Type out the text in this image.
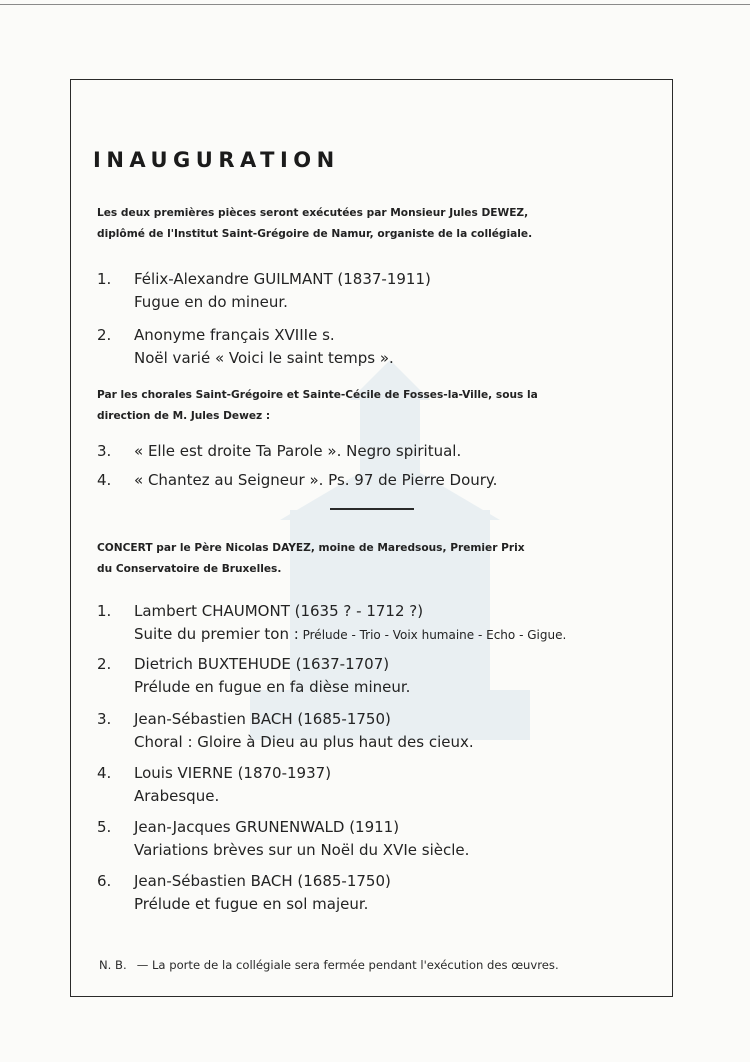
INAUGURATION

Les deux premières pièces seront exécutées par Monsieur Jules DEWEZ,
diplômé de l'Institut Saint-Grégoire de Namur, organiste de la collégiale.

1.	Félix-Alexandre GUILMANT (1837-1911)
Fugue en do mineur.
2.	Anonyme français XVIIIe s.
Noël varié « Voici le saint temps ».

Par les chorales Saint-Grégoire et Sainte-Cécile de Fosses-la-Ville, sous la
direction de M. Jules Dewez :

3.	« Elle est droite Ta Parole ». Negro spiritual.
4.	« Chantez au Seigneur ». Ps. 97 de Pierre Doury.

CONCERT par le Père Nicolas DAYEZ, moine de Maredsous, Premier Prix
du Conservatoire de Bruxelles.

1.	Lambert CHAUMONT (1635 ? - 1712 ?)
Suite du premier ton : Prélude - Trio - Voix humaine - Echo - Gigue.
2.	Dietrich BUXTEHUDE (1637-1707)
Prélude en fugue en fa dièse mineur.
3.	Jean-Sébastien BACH (1685-1750)
Choral : Gloire à Dieu au plus haut des cieux.
4.	Louis VIERNE (1870-1937)
Arabesque.
5.	Jean-Jacques GRUNENWALD (1911)
Variations brèves sur un Noël du XVIe siècle.
6.	Jean-Sébastien BACH (1685-1750)
Prélude et fugue en sol majeur.

N. B. — La porte de la collégiale sera fermée pendant l'exécution des œuvres.
